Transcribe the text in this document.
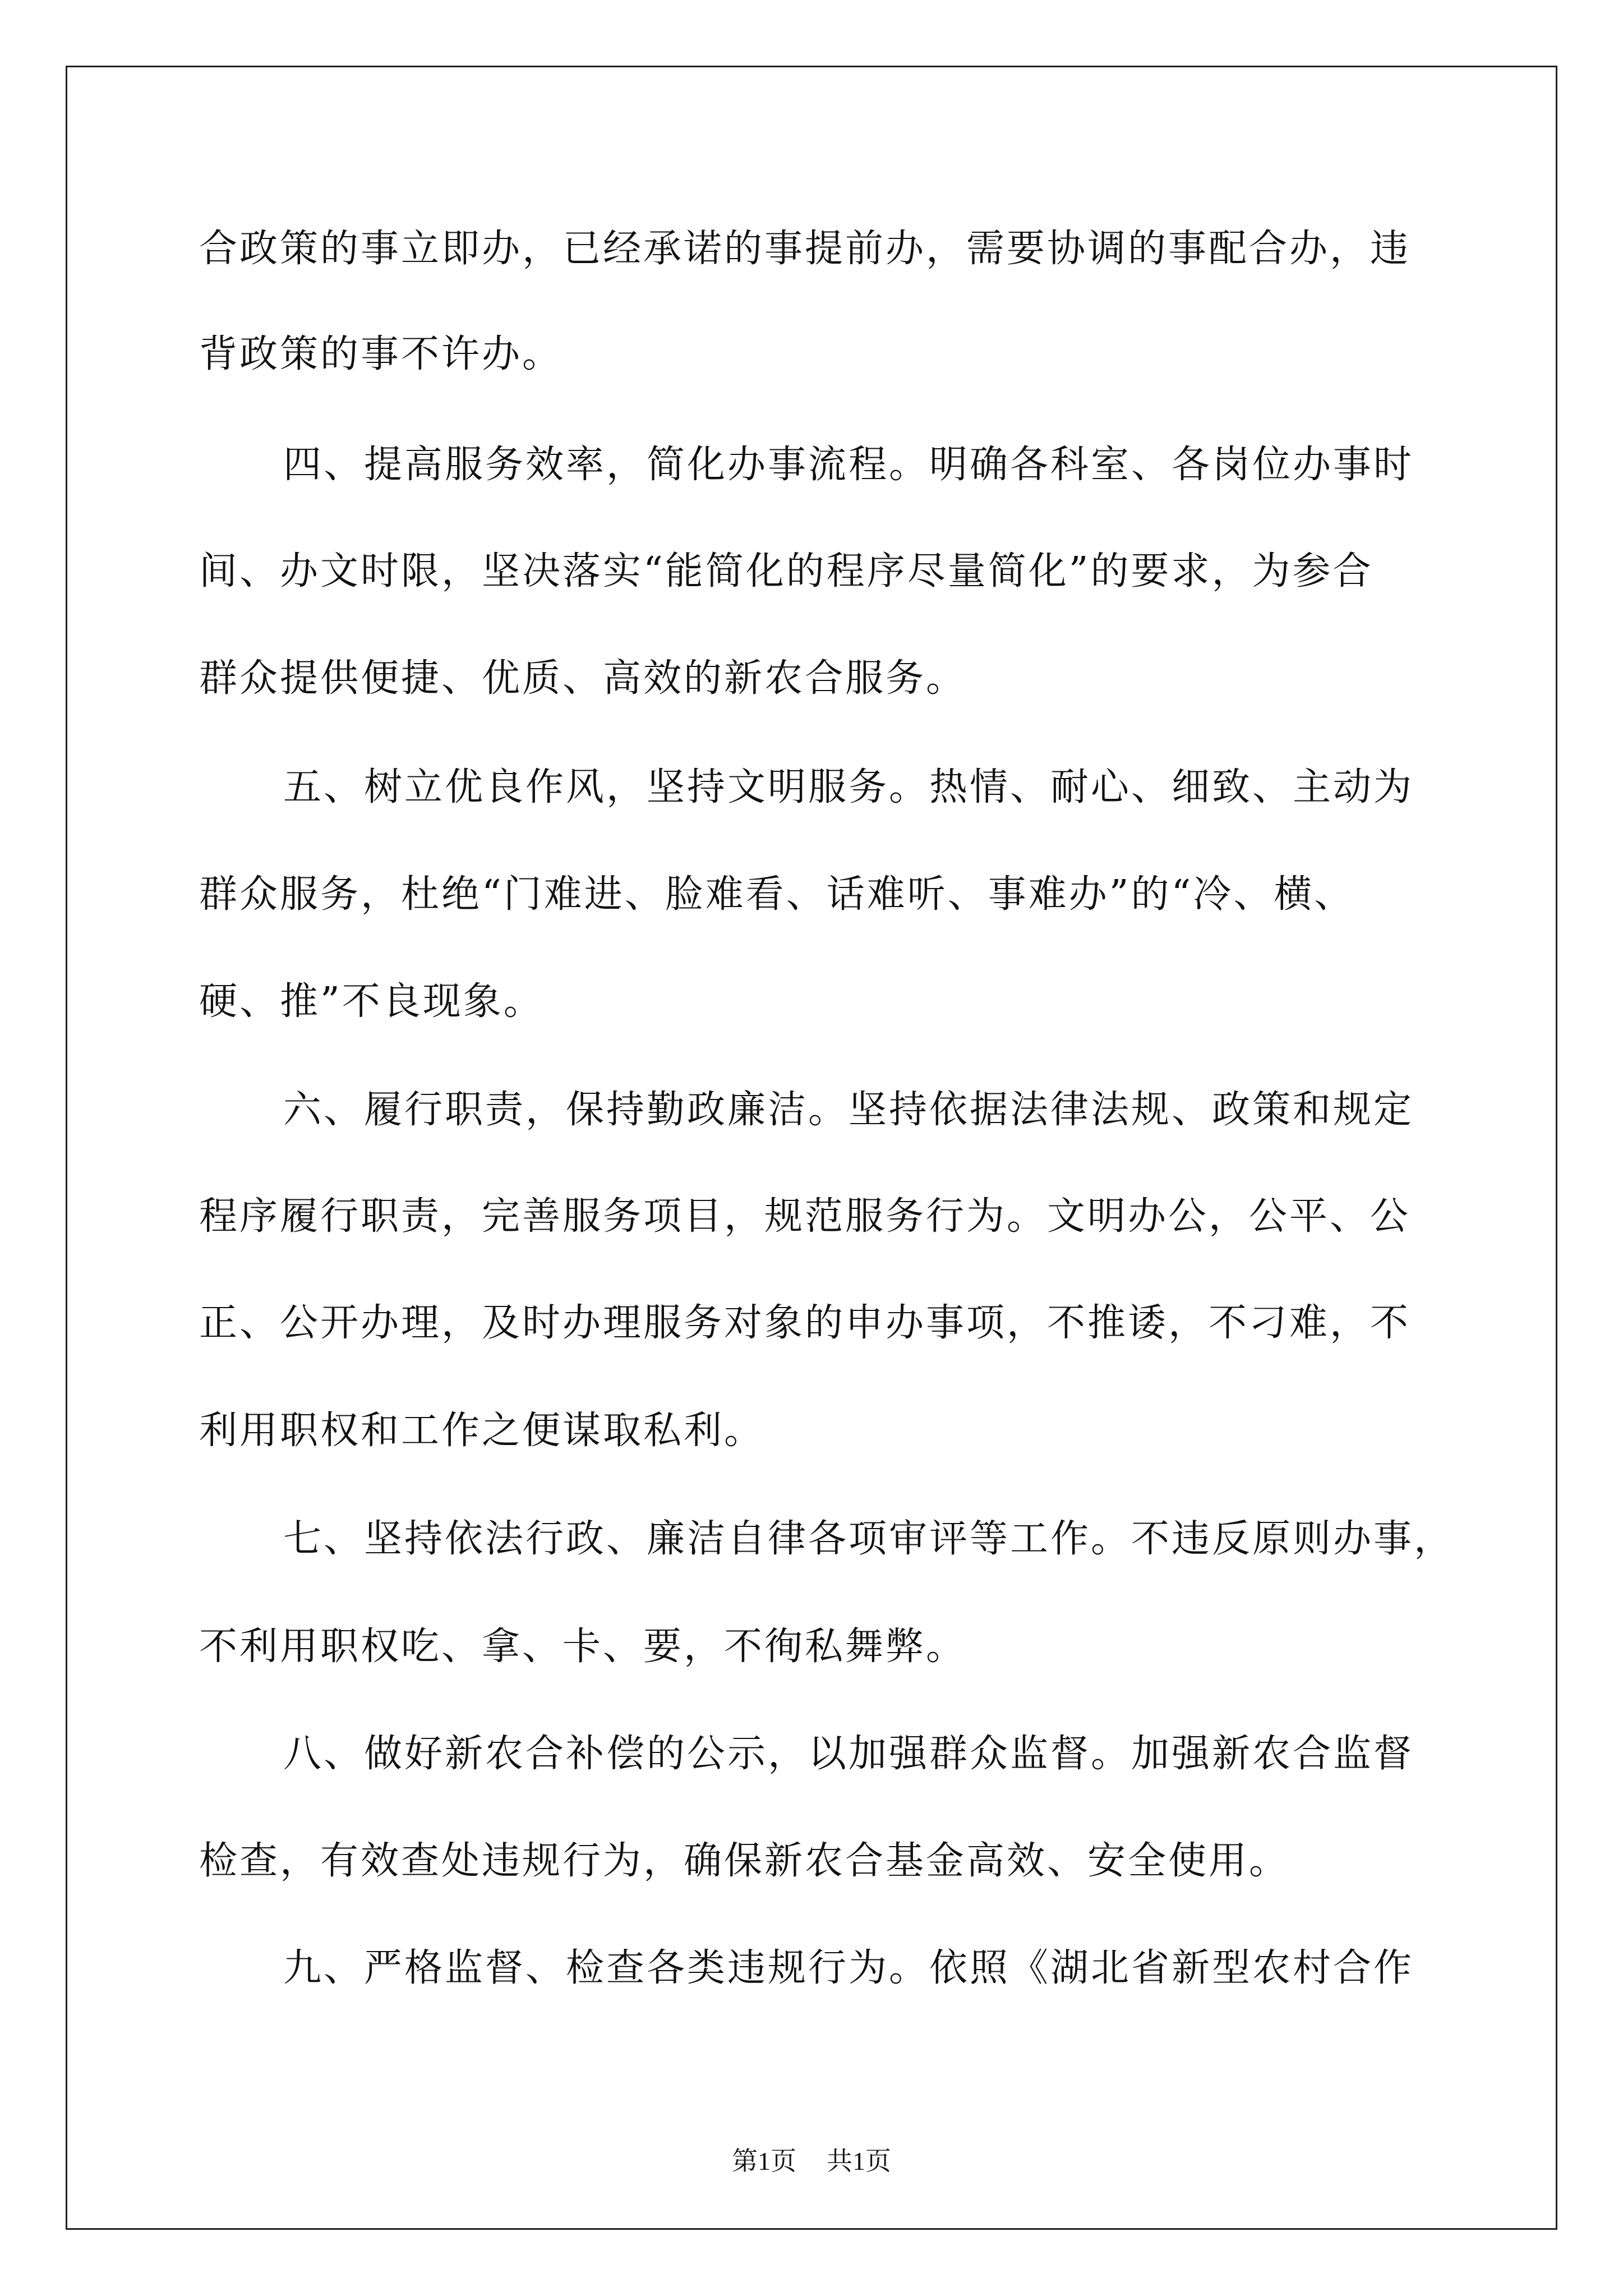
合政策的事立即办，已经承诺的事提前办，需要协调的事配合办，违

背政策的事不许办。

四、提高服务效率，简化办事流程。明确各科室、各岗位办事时

间、办文时限，坚决落实“能简化的程序尽量简化”的要求，为参合

群众提供便捷、优质、高效的新农合服务。

五、树立优良作风，坚持文明服务。热情、耐心、细致、主动为

群众服务，杜绝“门难进、脸难看、话难听、事难办”的“冷、横、

硬、推”不良现象。

六、履行职责，保持勤政廉洁。坚持依据法律法规、政策和规定

程序履行职责，完善服务项目，规范服务行为。文明办公，公平、公

正、公开办理，及时办理服务对象的申办事项，不推诿，不刁难，不

利用职权和工作之便谋取私利。

七、坚持依法行政、廉洁自律各项审评等工作。不违反原则办事，

不利用职权吃、拿、卡、要，不徇私舞弊。

八、做好新农合补偿的公示，以加强群众监督。加强新农合监督

检查，有效查处违规行为，确保新农合基金高效、安全使用。

九、严格监督、检查各类违规行为。依照《湖北省新型农村合作

第1页 共1页
